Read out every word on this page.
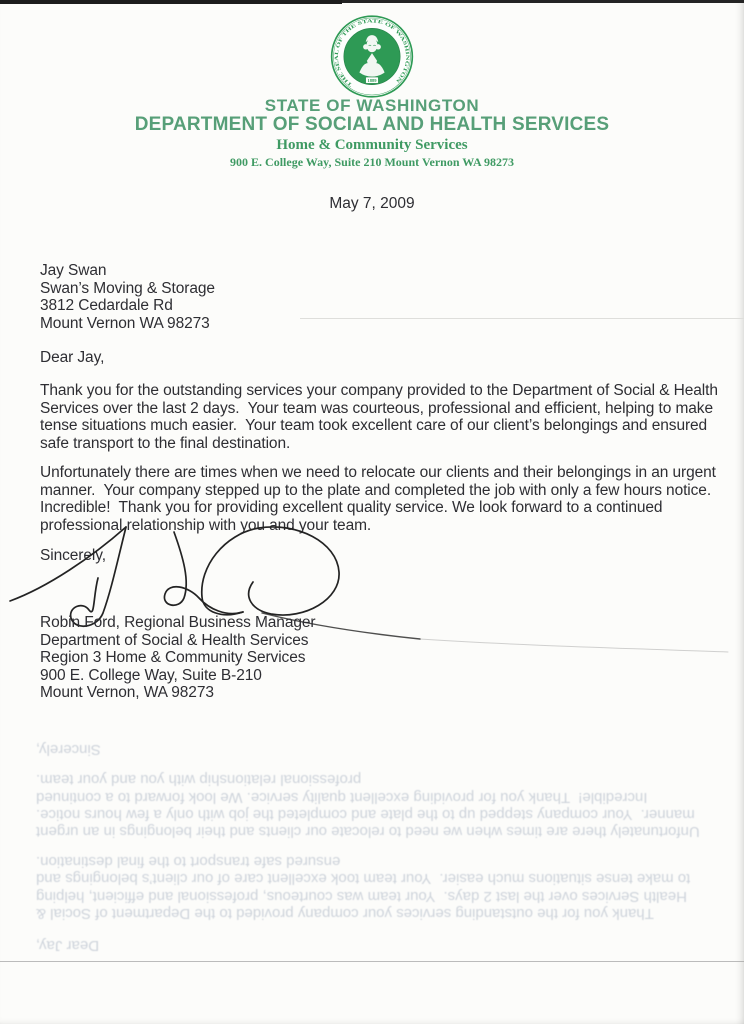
1889
THE SEAL OF THE STATE OF WASHINGTON
STATE OF WASHINGTON
DEPARTMENT OF SOCIAL AND HEALTH SERVICES
Home & Community Services
900 E. College Way, Suite 210 Mount Vernon WA 98273
May 7, 2009
Jay Swan
Swan’s Moving & Storage
3812 Cedardale Rd
Mount Vernon WA 98273
Dear Jay,
Thank you for the outstanding services your company provided to the Department of Social & Health Services over the last 2 days.  Your team was courteous, professional and efficient, helping to make tense situations much easier.  Your team took excellent care of our client’s belongings and ensured safe transport to the final destination.
Unfortunately there are times when we need to relocate our clients and their belongings in an urgent manner.  Your company stepped up to the plate and completed the job with only a few hours notice.  Incredible!  Thank you for providing excellent quality service. We look forward to a continued professional relationship with you and your team.
Sincerely,
Robin Ford, Regional Business Manager
Department of Social & Health Services
Region 3 Home & Community Services
900 E. College Way, Suite B-210
Mount Vernon, WA 98273

Dear Jay,

Thank you for the outstanding services your company provided to the Department of Social & Health Services over the last 2 days.  Your team was courteous, professional and efficient, helping to make tense situations much easier.  Your team took excellent care of our client’s belongings and ensured safe transport to the final destination.

Unfortunately there are times when we need to relocate our clients and their belongings in an urgent manner.  Your company stepped up to the plate and completed the job with only a few hours notice.  Incredible!  Thank you for providing excellent quality service. We look forward to a continued professional relationship with you and your team.

Sincerely,
